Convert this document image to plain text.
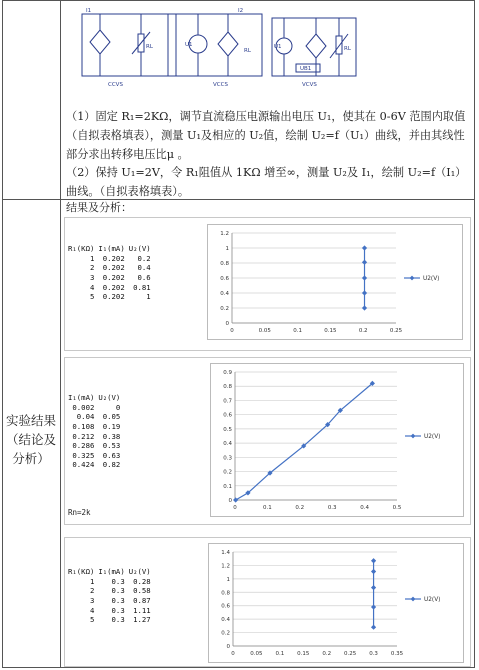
I1	I2
U1
RL
RL
CCVS	VCCS
U1	RL
VCVS
UB1
（1）固定 R₁=2KΩ，调节直流稳压电源输出电压 U₁，使其在 0-6V 范围内取值（自拟表格填表），测量 U₁及相应的 U₂值，绘制 U₂=f（U₁）曲线，并由其线性部分求出转移电压比μ 。
（2）保持 U₁=2V，令 R₁阻值从 1KΩ 增至∞，测量 U₂及 I₁，绘制 U₂=f（I₁）曲线。（自拟表格填表）。
实验结果（结论及分析）
结果及分析：
R₁(KΩ)	I₁(mA)	U₂(V)
1	0.202	0.2
2	0.202	0.4
3	0.202	0.6
4	0.202	0.81
5	0.202	1
0
0.2
0.4
0.6
0.8
1
1.2
0	0.05	0.1	0.15	0.2	0.25
U2(V)
I₁(mA)	U₂(V)
0.002	0
0.04	0.05
0.108	0.19
0.212	0.38
0.286	0.53
0.325	0.63
0.424	0.82
Rn=2k
0
0.1
0.2
0.3
0.4
0.5
0.6
0.7
0.8
0.9
0	0.1	0.2	0.3	0.4	0.5
U2(V)
R₁(KΩ)	I₁(mA)	U₂(V)
1	0.3	0.28
2	0.3	0.58
3	0.3	0.87
4	0.3	1.11
5	0.3	1.27
0
0.2
0.4
0.6
0.8
1
1.2
1.4
0	0.05 0.1 0.15 0.2 0.25 0.3 0.35
U2(V)
